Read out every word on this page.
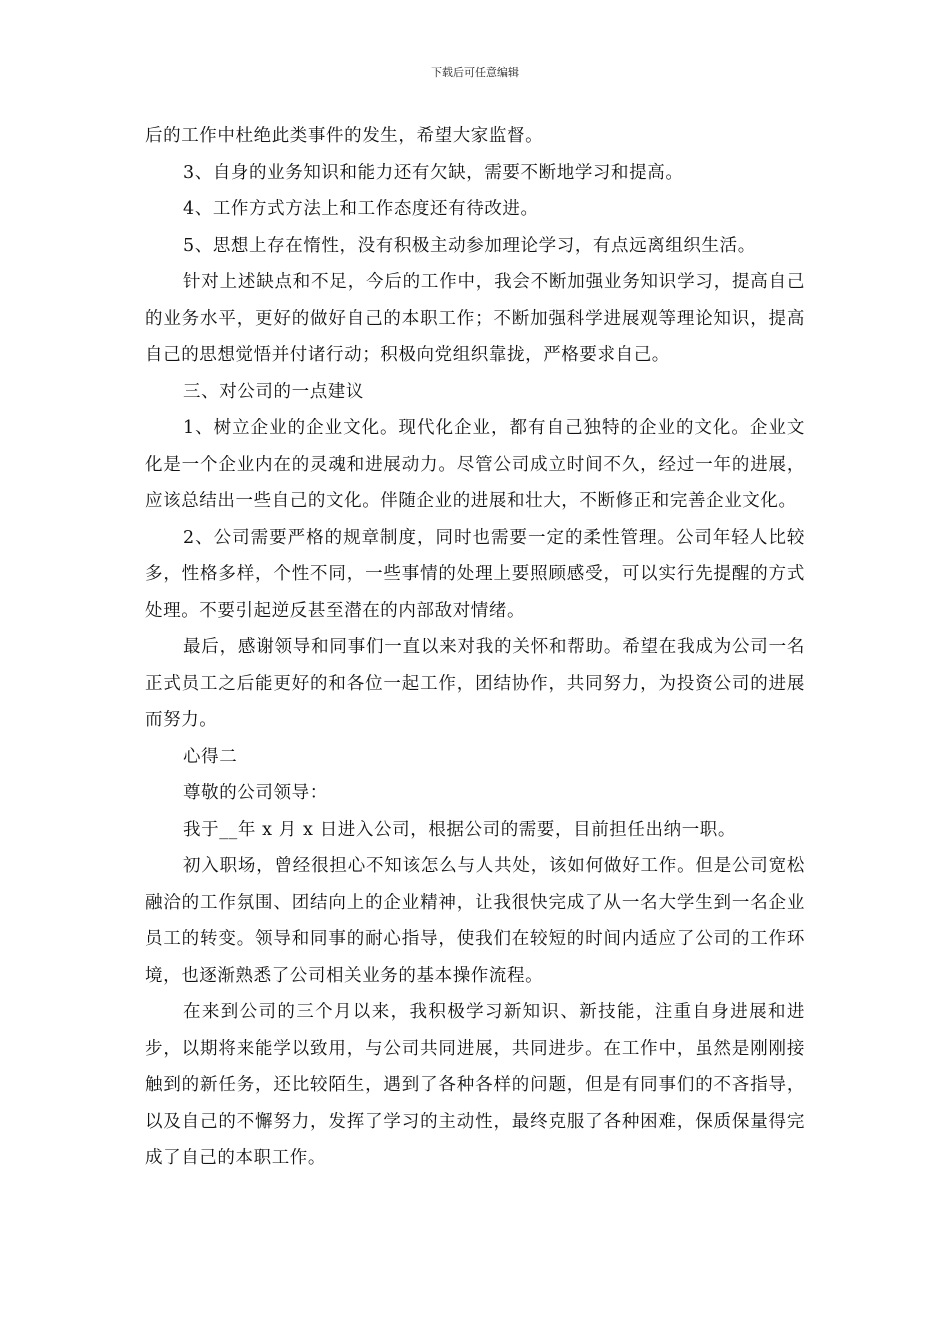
下载后可任意编辑

后的工作中杜绝此类事件的发生，希望大家监督。

3、自身的业务知识和能力还有欠缺，需要不断地学习和提高。

4、工作方式方法上和工作态度还有待改进。

5、思想上存在惰性，没有积极主动参加理论学习，有点远离组织生活。

针对上述缺点和不足，今后的工作中，我会不断加强业务知识学习，提高自己的业务水平，更好的做好自己的本职工作；不断加强科学进展观等理论知识，提高自己的思想觉悟并付诸行动；积极向党组织靠拢，严格要求自己。

三、对公司的一点建议

1、树立企业的企业文化。现代化企业，都有自己独特的企业的文化。企业文化是一个企业内在的灵魂和进展动力。尽管公司成立时间不久，经过一年的进展，应该总结出一些自己的文化。伴随企业的进展和壮大，不断修正和完善企业文化。

2、公司需要严格的规章制度，同时也需要一定的柔性管理。公司年轻人比较多，性格多样，个性不同，一些事情的处理上要照顾感受，可以实行先提醒的方式处理。不要引起逆反甚至潜在的内部敌对情绪。

最后，感谢领导和同事们一直以来对我的关怀和帮助。希望在我成为公司一名正式员工之后能更好的和各位一起工作，团结协作，共同努力，为投资公司的进展而努力。

心得二

尊敬的公司领导：

我于__年 x 月 x 日进入公司，根据公司的需要，目前担任出纳一职。

初入职场，曾经很担心不知该怎么与人共处，该如何做好工作。但是公司宽松融洽的工作氛围、团结向上的企业精神，让我很快完成了从一名大学生到一名企业员工的转变。领导和同事的耐心指导，使我们在较短的时间内适应了公司的工作环境，也逐渐熟悉了公司相关业务的基本操作流程。

在来到公司的三个月以来，我积极学习新知识、新技能，注重自身进展和进步，以期将来能学以致用，与公司共同进展，共同进步。在工作中，虽然是刚刚接触到的新任务，还比较陌生，遇到了各种各样的问题，但是有同事们的不吝指导，以及自己的不懈努力，发挥了学习的主动性，最终克服了各种困难，保质保量得完成了自己的本职工作。
